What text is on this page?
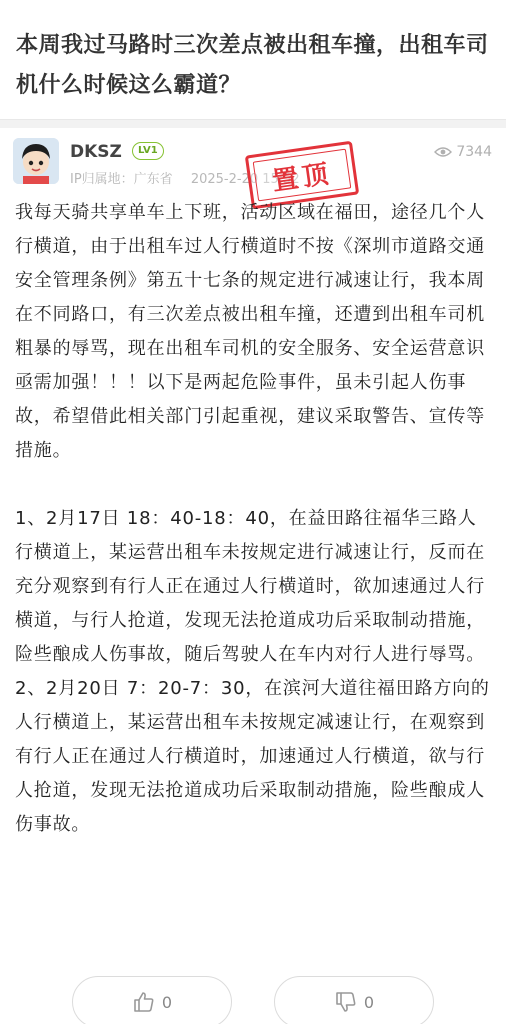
本周我过马路时三次差点被出租车撞，出租车司机什么时候这么霸道？
DKSZ	LV1
IP归属地：广东省 2025-2-20 15:52
7344
置顶

我每天骑共享单车上下班，活动区域在福田，途径几个人行横道，由于出租车过人行横道时不按《深圳市道路交通安全管理条例》第五十七条的规定进行减速让行，我本周在不同路口，有三次差点被出租车撞，还遭到出租车司机粗暴的辱骂，现在出租车司机的安全服务、安全运营意识亟需加强！！！以下是两起危险事件，虽未引起人伤事故，希望借此相关部门引起重视，建议采取警告、宣传等措施。

1、2月17日 18：40-18：40，在益田路往福华三路人行横道上，某运营出租车未按规定进行减速让行，反而在充分观察到有行人正在通过人行横道时，欲加速通过人行横道，与行人抢道，发现无法抢道成功后采取制动措施，险些酿成人伤事故，随后驾驶人在车内对行人进行辱骂。

2、2月20日 7：20-7：30，在滨河大道往福田路方向的人行横道上，某运营出租车未按规定减速让行，在观察到有行人正在通过人行横道时，加速通过人行横道，欲与行人抢道，发现无法抢道成功后采取制动措施，险些酿成人伤事故。

0	0
